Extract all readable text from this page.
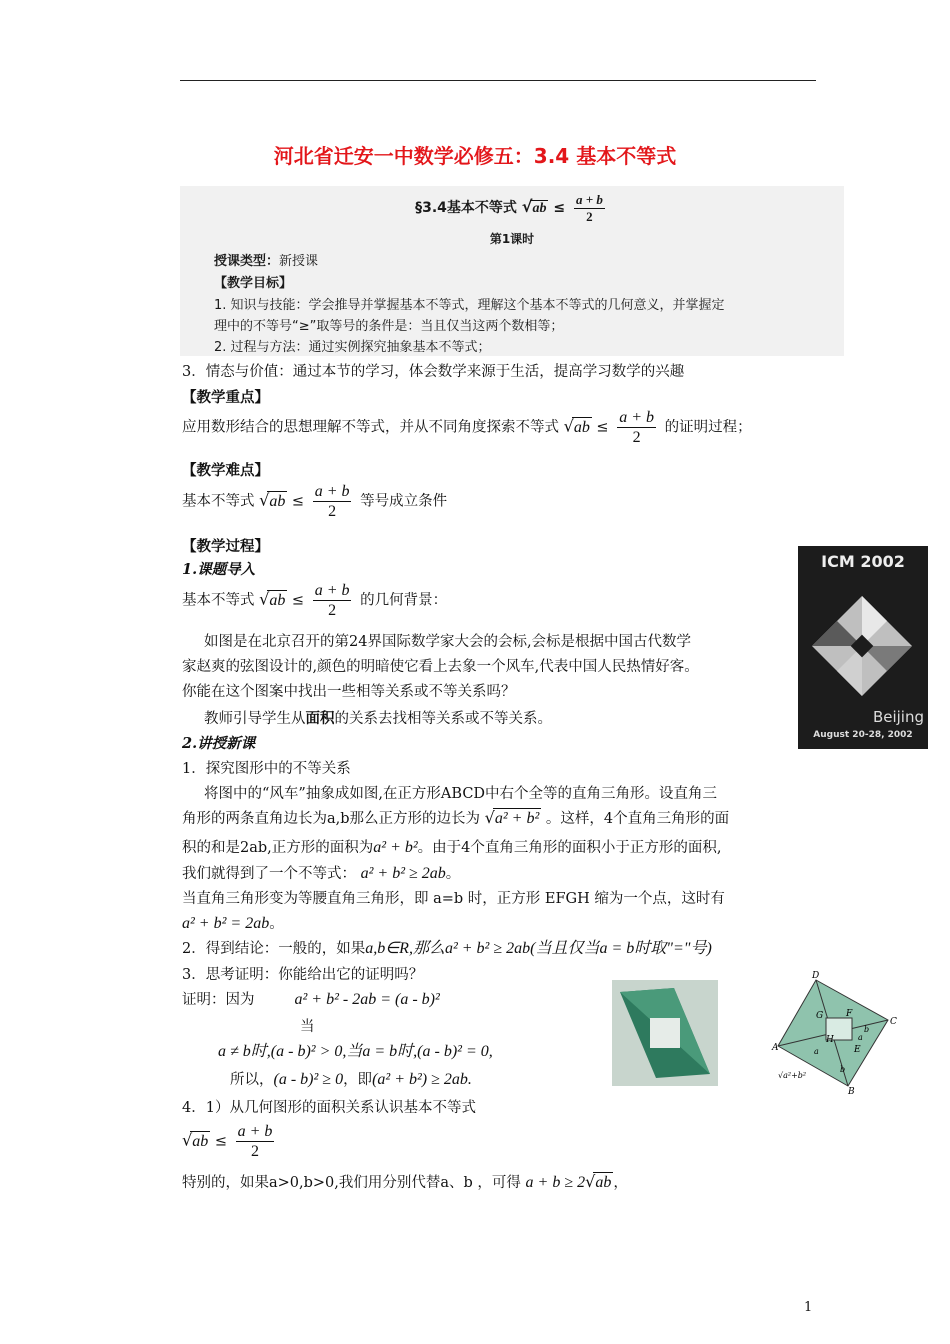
河北省迁安一中数学必修五：3.4 基本不等式
§3.4基本不等式 $√ab \le \frac{a + b}{2}$
第1课时
授课类型：新授课
【教学目标】
1. 知识与技能：学会推导并掌握基本不等式，理解这个基本不等式的几何意义，并掌握定
理中的不等号“≥”取等号的条件是：当且仅当这两个数相等；
2. 过程与方法：通过实例探究抽象基本不等式；
3．情态与价值：通过本节的学习，体会数学来源于生活，提高学习数学的兴趣
【教学重点】
应用数形结合的思想理解不等式，并从不同角度探索不等式 $√ab \le \frac{a + b}{2}$ 的证明过程；
【教学难点】
基本不等式 $√ab \le \frac{a + b}{2}$ 等号成立条件
【教学过程】
1.课题导入
基本不等式 $√ab \le \frac{a + b}{2}$ 的几何背景：
如图是在北京召开的第24界国际数学家大会的会标,会标是根据中国古代数学
家赵爽的弦图设计的,颜色的明暗使它看上去象一个风车,代表中国人民热情好客。
你能在这个图案中找出一些相等关系或不等关系吗？
教师引导学生从面积的关系去找相等关系或不等关系。
2.讲授新课
1．探究图形中的不等关系
将图中的“风车”抽象成如图,在正方形ABCD中右个全等的直角三角形。设直角三
角形的两条直角边长为a,b那么正方形的边长为 √a² + b² 。这样，4个直角三角形的面
积的和是2ab,正方形的面积为a² + b²。由于4个直角三角形的面积小于正方形的面积,
我们就得到了一个不等式： a² + b² ≥ 2ab。
当直角三角形变为等腰直角三角形，即 a=b 时，正方形 EFGH 缩为一个点，这时有
a² + b² = 2ab。
2．得到结论：一般的，如果a,b∈R,那么a² + b² ≥ 2ab(当且仅当a = b时取"="号)
3．思考证明：你能给出它的证明吗？
证明：因为	a² + b² - 2ab = (a - b)²
当
a ≠ b时,(a - b)² > 0,当a = b时,(a - b)² = 0,
所以，(a - b)² ≥ 0，即(a² + b²) ≥ 2ab.
4．1）从几何图形的面积关系认识基本不等式
$√ab \le \frac{a + b}{2}$
特别的，如果a>0,b>0,我们用分别代替a、b ，可得 a + b ≥ 2√ab ，
ICM 2002
Beijing
August 20-28, 2002
D
C
G	F
H
E
A
B
a
a
b
b
√a²+b²
1
